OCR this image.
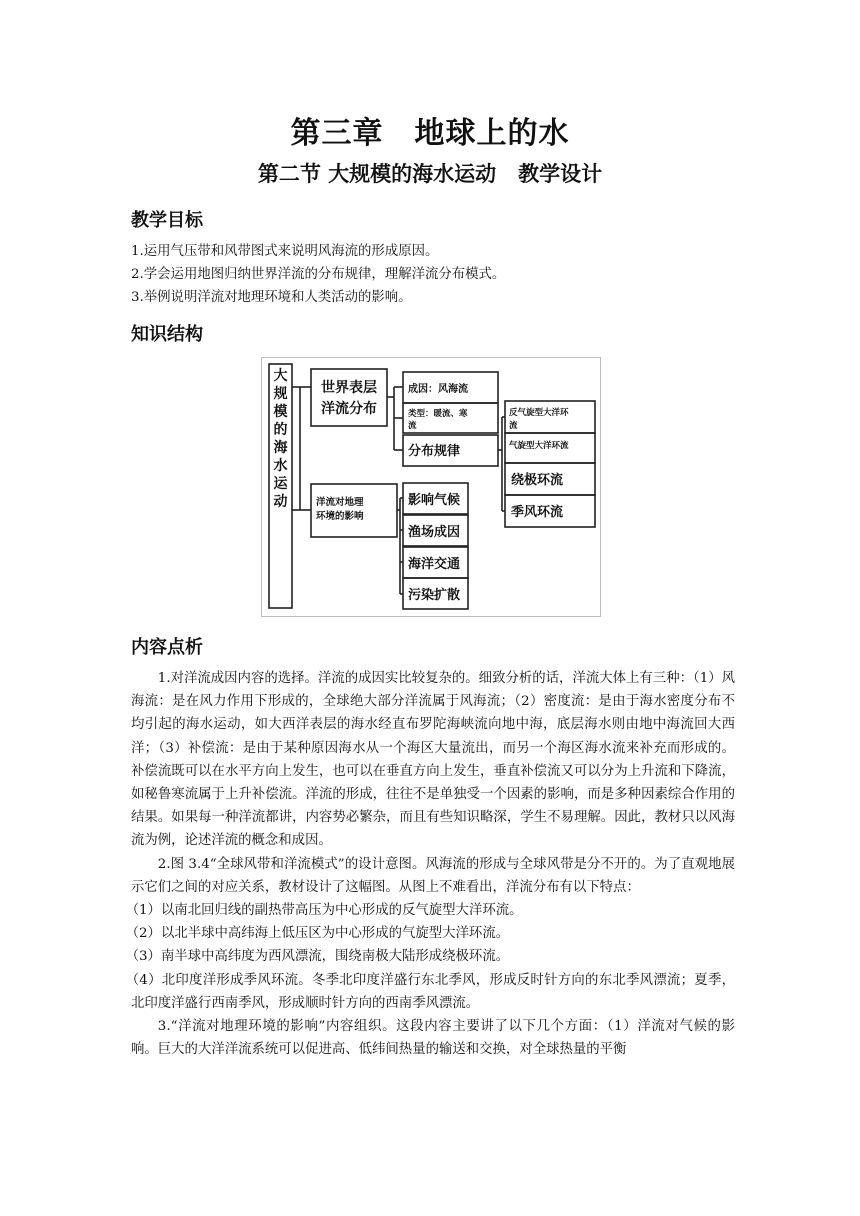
第三章　地球上的水
第二节 大规模的海水运动 教学设计
教学目标
1.运用气压带和风带图式来说明风海流的形成原因。
2.学会运用地图归纳世界洋流的分布规律，理解洋流分布模式。
3.举例说明洋流对地理环境和人类活动的影响。
知识结构
大
规
模
的
海
水
运
动
世界表层
洋流分布
洋流对地理
环境的影响
成因：风海流
类型：暖流、寒
流
分布规律
反气旋型大洋环
流
气旋型大洋环流
绕极环流
季风环流
影响气候
渔场成因
海洋交通
污染扩散
内容点析

1.对洋流成因内容的选择。洋流的成因实比较复杂的。细致分析的话，洋流大体上有三种：（1）风海流：是在风力作用下形成的，全球绝大部分洋流属于风海流；（2）密度流：是由于海水密度分布不均引起的海水运动，如大西洋表层的海水经直布罗陀海峡流向地中海，底层海水则由地中海流回大西洋；（3）补偿流：是由于某种原因海水从一个海区大量流出，而另一个海区海水流来补充而形成的。补偿流既可以在水平方向上发生，也可以在垂直方向上发生，垂直补偿流又可以分为上升流和下降流，如秘鲁寒流属于上升补偿流。洋流的形成，往往不是单独受一个因素的影响，而是多种因素综合作用的结果。如果每一种洋流都讲，内容势必繁杂，而且有些知识略深，学生不易理解。因此，教材只以风海流为例，论述洋流的概念和成因。

2.图 3.4“全球风带和洋流模式”的设计意图。风海流的形成与全球风带是分不开的。为了直观地展示它们之间的对应关系，教材设计了这幅图。从图上不难看出，洋流分布有以下特点：

（1）以南北回归线的副热带高压为中心形成的反气旋型大洋环流。

（2）以北半球中高纬海上低压区为中心形成的气旋型大洋环流。

（3）南半球中高纬度为西风漂流，围绕南极大陆形成绕极环流。

（4）北印度洋形成季风环流。冬季北印度洋盛行东北季风，形成反时针方向的东北季风漂流；夏季，北印度洋盛行西南季风，形成顺时针方向的西南季风漂流。

3.“洋流对地理环境的影响”内容组织。这段内容主要讲了以下几个方面：（1）洋流对气候的影响。巨大的大洋洋流系统可以促进高、低纬间热量的输送和交换，对全球热量的平衡
